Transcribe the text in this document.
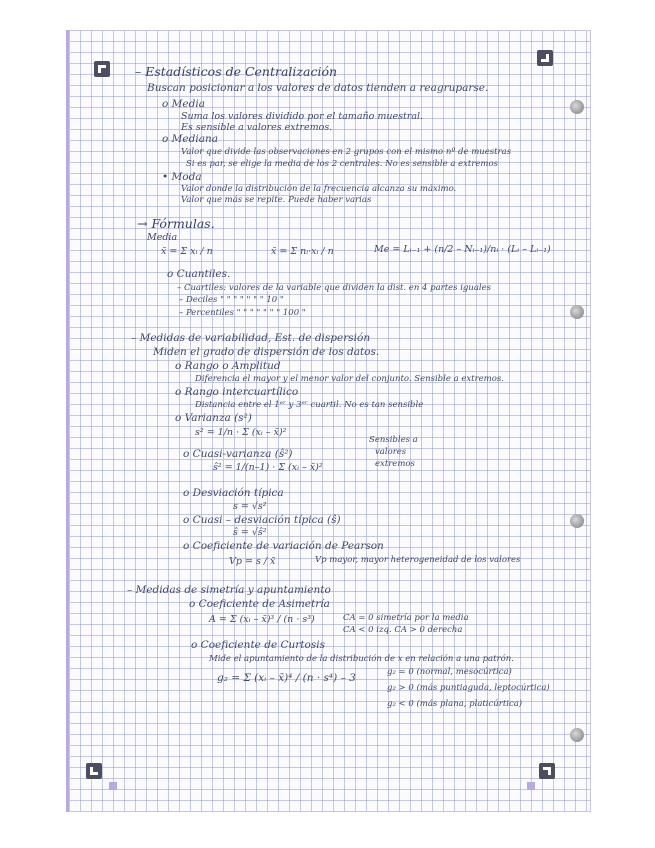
– Estadísticos de Centralización
Buscan posicionar a los valores de datos tienden a reagruparse.
o Media
Suma los valores dividido por el tamaño muestral.
Es sensible a valores extremos.
o Mediana
Valor que divide las observaciones en 2 grupos con el mismo nº de muestras
Si es par, se elige la media de los 2 centrales. No es sensible a extremos
• Moda
Valor donde la distribución de la frecuencia alcanza su máximo.
Valor que más se repite. Puede haber varias
→ Fórmulas.
Media
x̄ = Σ xᵢ / n	x̄ = Σ nᵢ·xᵢ / n	Me = Lᵢ₋₁ + (n/2 – Nᵢ₋₁)/nᵢ · (Lᵢ – Lᵢ₋₁)
o Cuantiles.
– Cuartiles: valores de la variable que dividen la dist. en 4 partes iguales
– Deciles " " " " " " " 10 "
– Percentiles " " " " " " " 100 "
– Medidas de variabilidad, Est. de dispersión
Miden el grado de dispersión de los datos.
o Rango o Amplitud
Diferencia el mayor y el menor valor del conjunto. Sensible a extremos.
o Rango intercuartílico
Distancia entre el 1ᵉʳ y 3ᵉʳ cuartil. No es tan sensible
o Varianza (s²)
s² = 1/n · Σ (xᵢ – x̄)²
Sensibles a
valores
extremos
o Cuasi-varianza (ŝ²)
ŝ² = 1/(n–1) · Σ (xᵢ – x̄)²
o Desviación típica
s = √s²
o Cuasi – desviación típica (ŝ)
ŝ = √ŝ²
o Coeficiente de variación de Pearson
Vp = s / x̄	Vp mayor, mayor heterogeneidad de los valores
– Medidas de simetría y apuntamiento
o Coeficiente de Asimetría
A = Σ (xᵢ – x̄)³ / (n · s³)	CA = 0 simetría por la media
CA < 0 izq. CA > 0 derecha
o Coeficiente de Curtosis
Mide el apuntamiento de la distribución de x en relación a una patrón.
g₂ = Σ (xᵢ – x̄)⁴ / (n · s⁴) – 3	g₂ = 0 (normal, mesocúrtica)
g₂ > 0 (más puntiaguda, leptocúrtica)
g₂ < 0 (más plana, platicúrtica)
